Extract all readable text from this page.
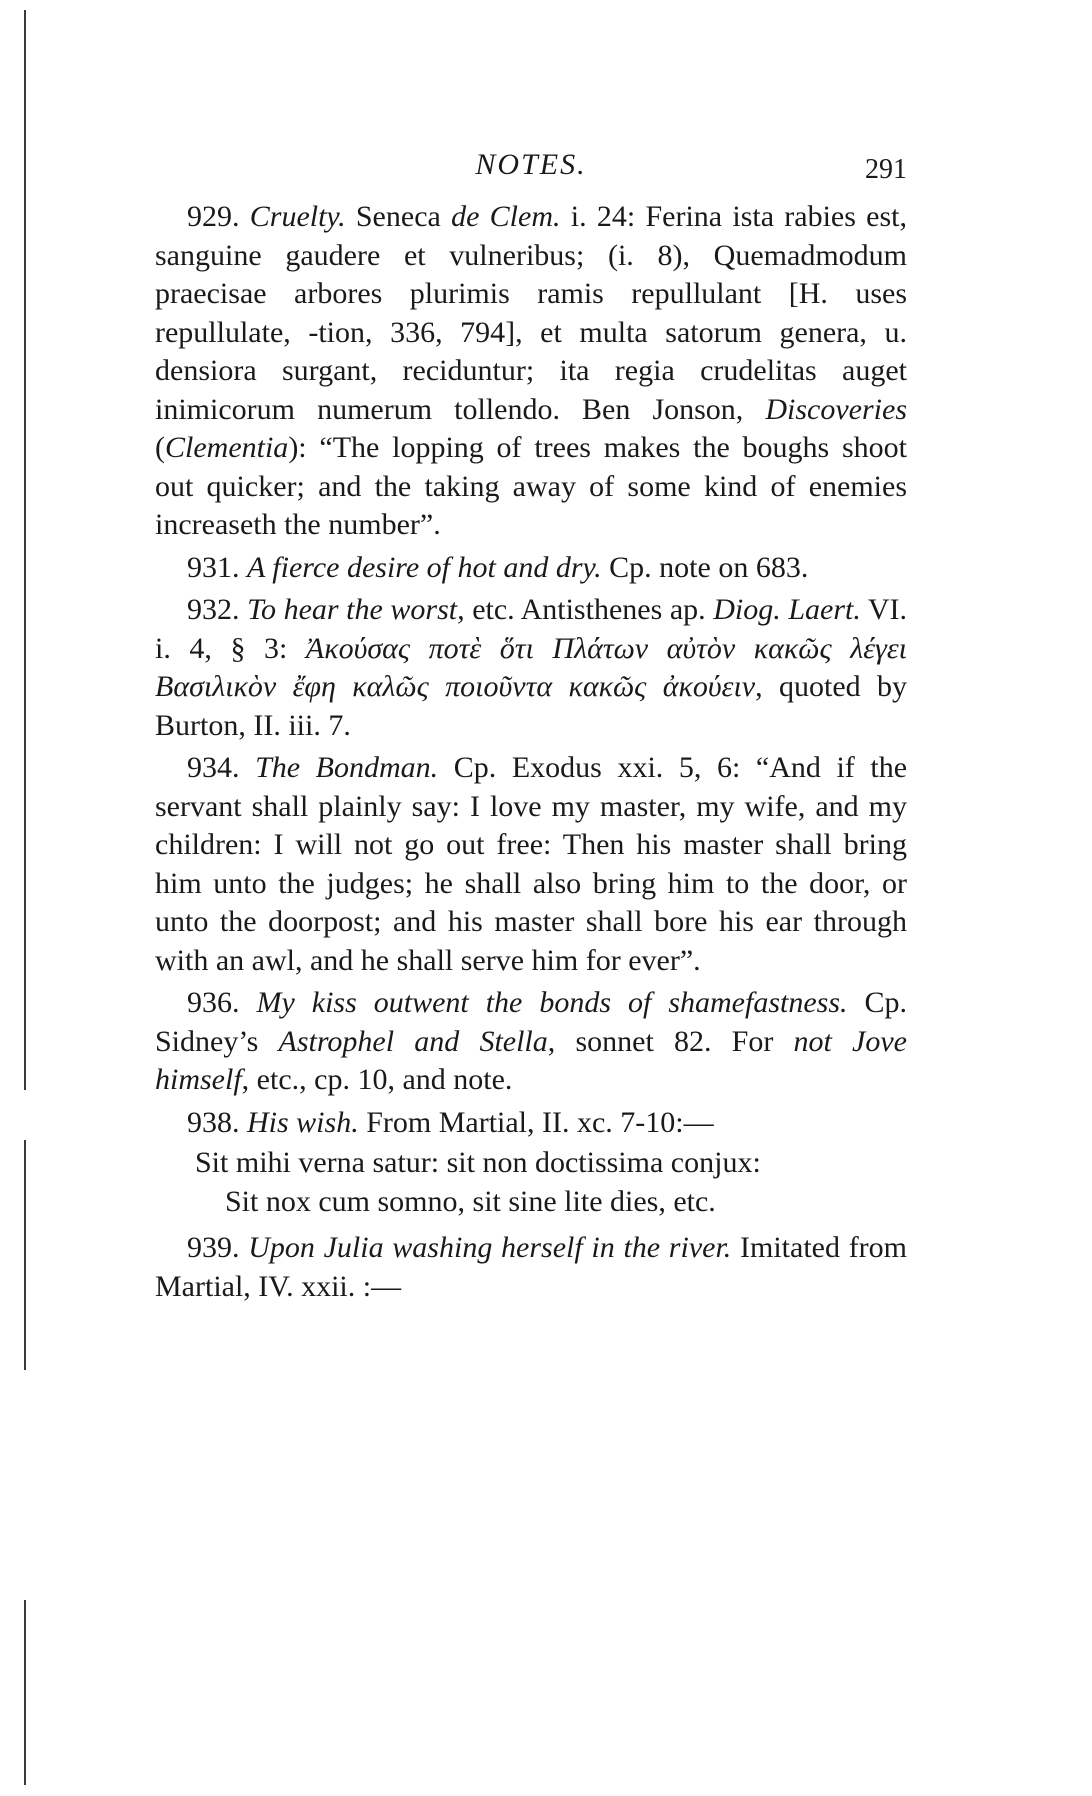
NOTES.	291

929. Cruelty. Seneca de Clem. i. 24: Ferina ista rabies est, sanguine gaudere et vulneribus; (i. 8), Quemadmodum praecisae arbores plurimis ramis repullulant [H. uses repullulate, -tion, 336, 794], et multa satorum genera, u. densiora surgant, reciduntur; ita regia crudelitas auget inimicorum numerum tollendo. Ben Jonson, Discoveries (Clementia): “The lopping of trees makes the boughs shoot out quicker; and the taking away of some kind of enemies increaseth the number”.

931. A fierce desire of hot and dry. Cp. note on 683.

932. To hear the worst, etc. Antisthenes ap. Diog. Laert. VI. i. 4, § 3: Ἀκούσας ποτὲ ὅτι Πλάτων αὐτὸν κακῶς λέγει Βασιλικὸν ἔφη καλῶς ποιοῦντα κακῶς ἀκούειν, quoted by Burton, II. iii. 7.

934. The Bondman. Cp. Exodus xxi. 5, 6: “And if the servant shall plainly say: I love my master, my wife, and my children: I will not go out free: Then his master shall bring him unto the judges; he shall also bring him to the door, or unto the doorpost; and his master shall bore his ear through with an awl, and he shall serve him for ever”.

936. My kiss outwent the bonds of shamefastness. Cp. Sidney’s Astrophel and Stella, sonnet 82. For not Jove himself, etc., cp. 10, and note.

938. His wish. From Martial, II. xc. 7-10:—

Sit mihi verna satur: sit non doctissima conjux:

Sit nox cum somno, sit sine lite dies, etc.

939. Upon Julia washing herself in the river. Imitated from Martial, IV. xxii. :—
